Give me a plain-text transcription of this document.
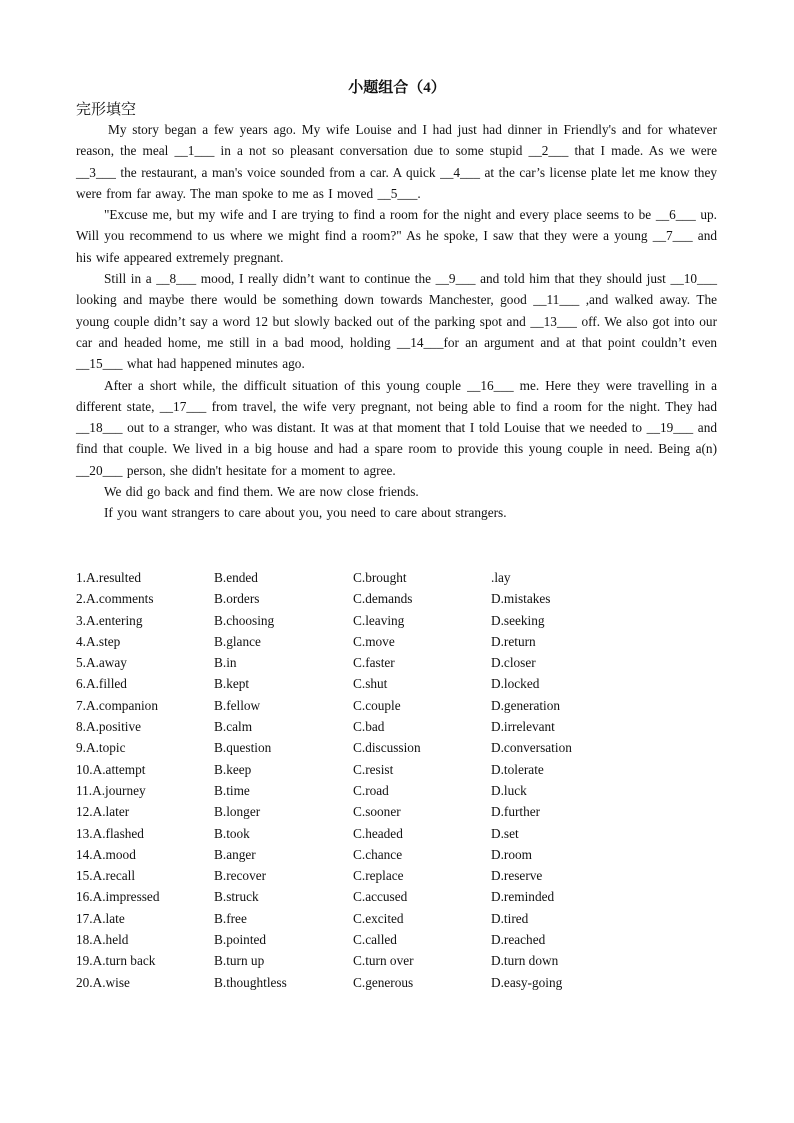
小题组合（4）
完形填空

My story began a few years ago. My wife Louise and I had just had dinner in Friendly's and for whatever reason, the meal __1___ in a not so pleasant conversation due to some stupid __2___ that I made. As we were __3___ the restaurant, a man's voice sounded from a car. A quick __4___ at the car’s license plate let me know they were from far away. The man spoke to me as I moved __5___.

"Excuse me, but my wife and I are trying to find a room for the night and every place seems to be __6___ up. Will you recommend to us where we might find a room?" As he spoke, I saw that they were a young __7___ and his wife appeared extremely pregnant.

Still in a __8___ mood, I really didn’t want to continue the __9___ and told him that they should just __10___ looking and maybe there would be something down towards Manchester, good __11___ ,and walked away. The young couple didn’t say a word 12 but slowly backed out of the parking spot and __13___ off. We also got into our car and headed home, me still in a bad mood, holding __14___for an argument and at that point couldn’t even __15___ what had happened minutes ago.

After a short while, the difficult situation of this young couple __16___ me. Here they were travelling in a different state, __17___ from travel, the wife very pregnant, not being able to find a room for the night. They had __18___ out to a stranger, who was distant. It was at that moment that I told Louise that we needed to __19___ and find that couple. We lived in a big house and had a spare room to provide this young couple in need. Being a(n) __20___ person, she didn't hesitate for a moment to agree.

We did go back and find them. We are now close friends.

If you want strangers to care about you, you need to care about strangers.

1.A.resulted	B.ended	C.brought	.lay
2.A.comments	B.orders	C.demands	D.mistakes
3.A.entering	B.choosing	C.leaving	D.seeking
4.A.step	B.glance	C.move	D.return
5.A.away	B.in	C.faster	D.closer
6.A.filled	B.kept	C.shut	D.locked
7.A.companion	B.fellow	C.couple	D.generation
8.A.positive	B.calm	C.bad	D.irrelevant
9.A.topic	B.question	C.discussion	D.conversation
10.A.attempt	B.keep	C.resist	D.tolerate
11.A.journey	B.time	C.road	D.luck
12.A.later	B.longer	C.sooner	D.further
13.A.flashed	B.took	C.headed	D.set
14.A.mood	B.anger	C.chance	D.room
15.A.recall	B.recover	C.replace	D.reserve
16.A.impressed	B.struck	C.accused	D.reminded
17.A.late	B.free	C.excited	D.tired
18.A.held	B.pointed	C.called	D.reached
19.A.turn back	B.turn up	C.turn over	D.turn down
20.A.wise	B.thoughtless	C.generous	D.easy-going
